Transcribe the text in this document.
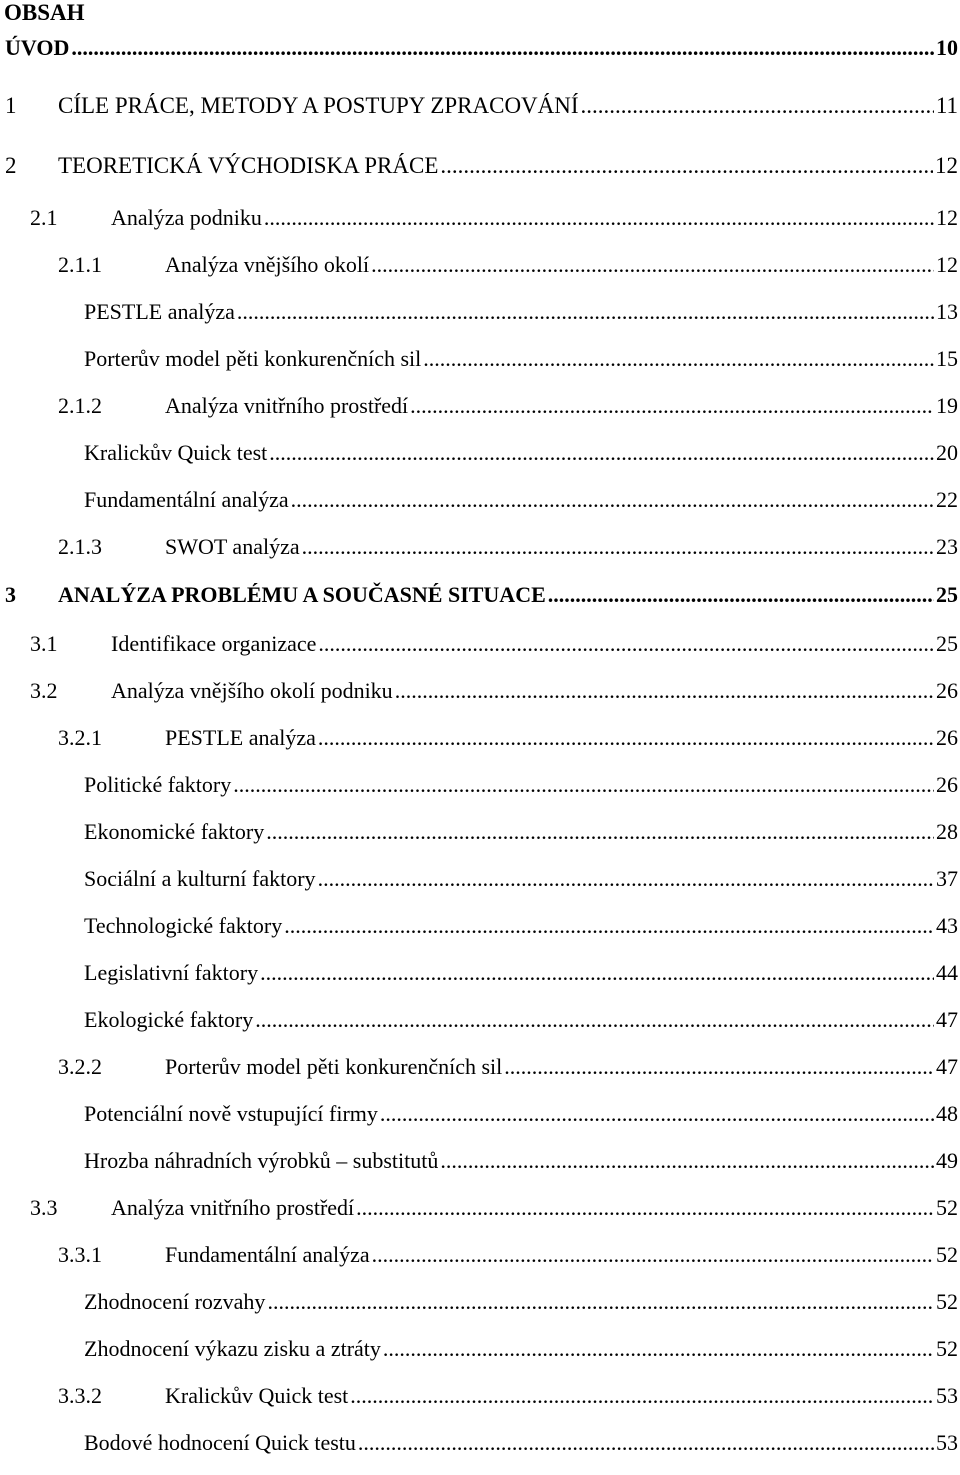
OBSAH
ÚVOD .....	10
1	CÍLE PRÁCE, METODY A POSTUPY ZPRACOVÁNÍ .....	11
2	TEORETICKÁ VÝCHODISKA PRÁCE .....	12
2.1	Analýza podniku .....	12
2.1.1	Analýza vnějšího okolí .....	12
PESTLE analýza .....	13
Porterův model pěti konkurenčních sil .....	15
2.1.2	Analýza vnitřního prostředí .....	19
Kralickův Quick test .....	20
Fundamentální analýza .....	22
2.1.3	SWOT analýza .....	23
3	ANALÝZA PROBLÉMU A SOUČASNÉ SITUACE .....	25
3.1	Identifikace organizace .....	25
3.2	Analýza vnějšího okolí podniku .....	26
3.2.1	PESTLE analýza .....	26
Politické faktory .....	26
Ekonomické faktory .....	28
Sociální a kulturní faktory .....	37
Technologické faktory .....	43
Legislativní faktory .....	44
Ekologické faktory .....	47
3.2.2	Porterův model pěti konkurenčních sil .....	47
Potenciální nově vstupující firmy .....	48
Hrozba náhradních výrobků – substitutů .....	49
3.3	Analýza vnitřního prostředí .....	52
3.3.1	Fundamentální analýza .....	52
Zhodnocení rozvahy .....	52
Zhodnocení výkazu zisku a ztráty .....	52
3.3.2	Kralickův Quick test .....	53
Bodové hodnocení Quick testu .....	53
